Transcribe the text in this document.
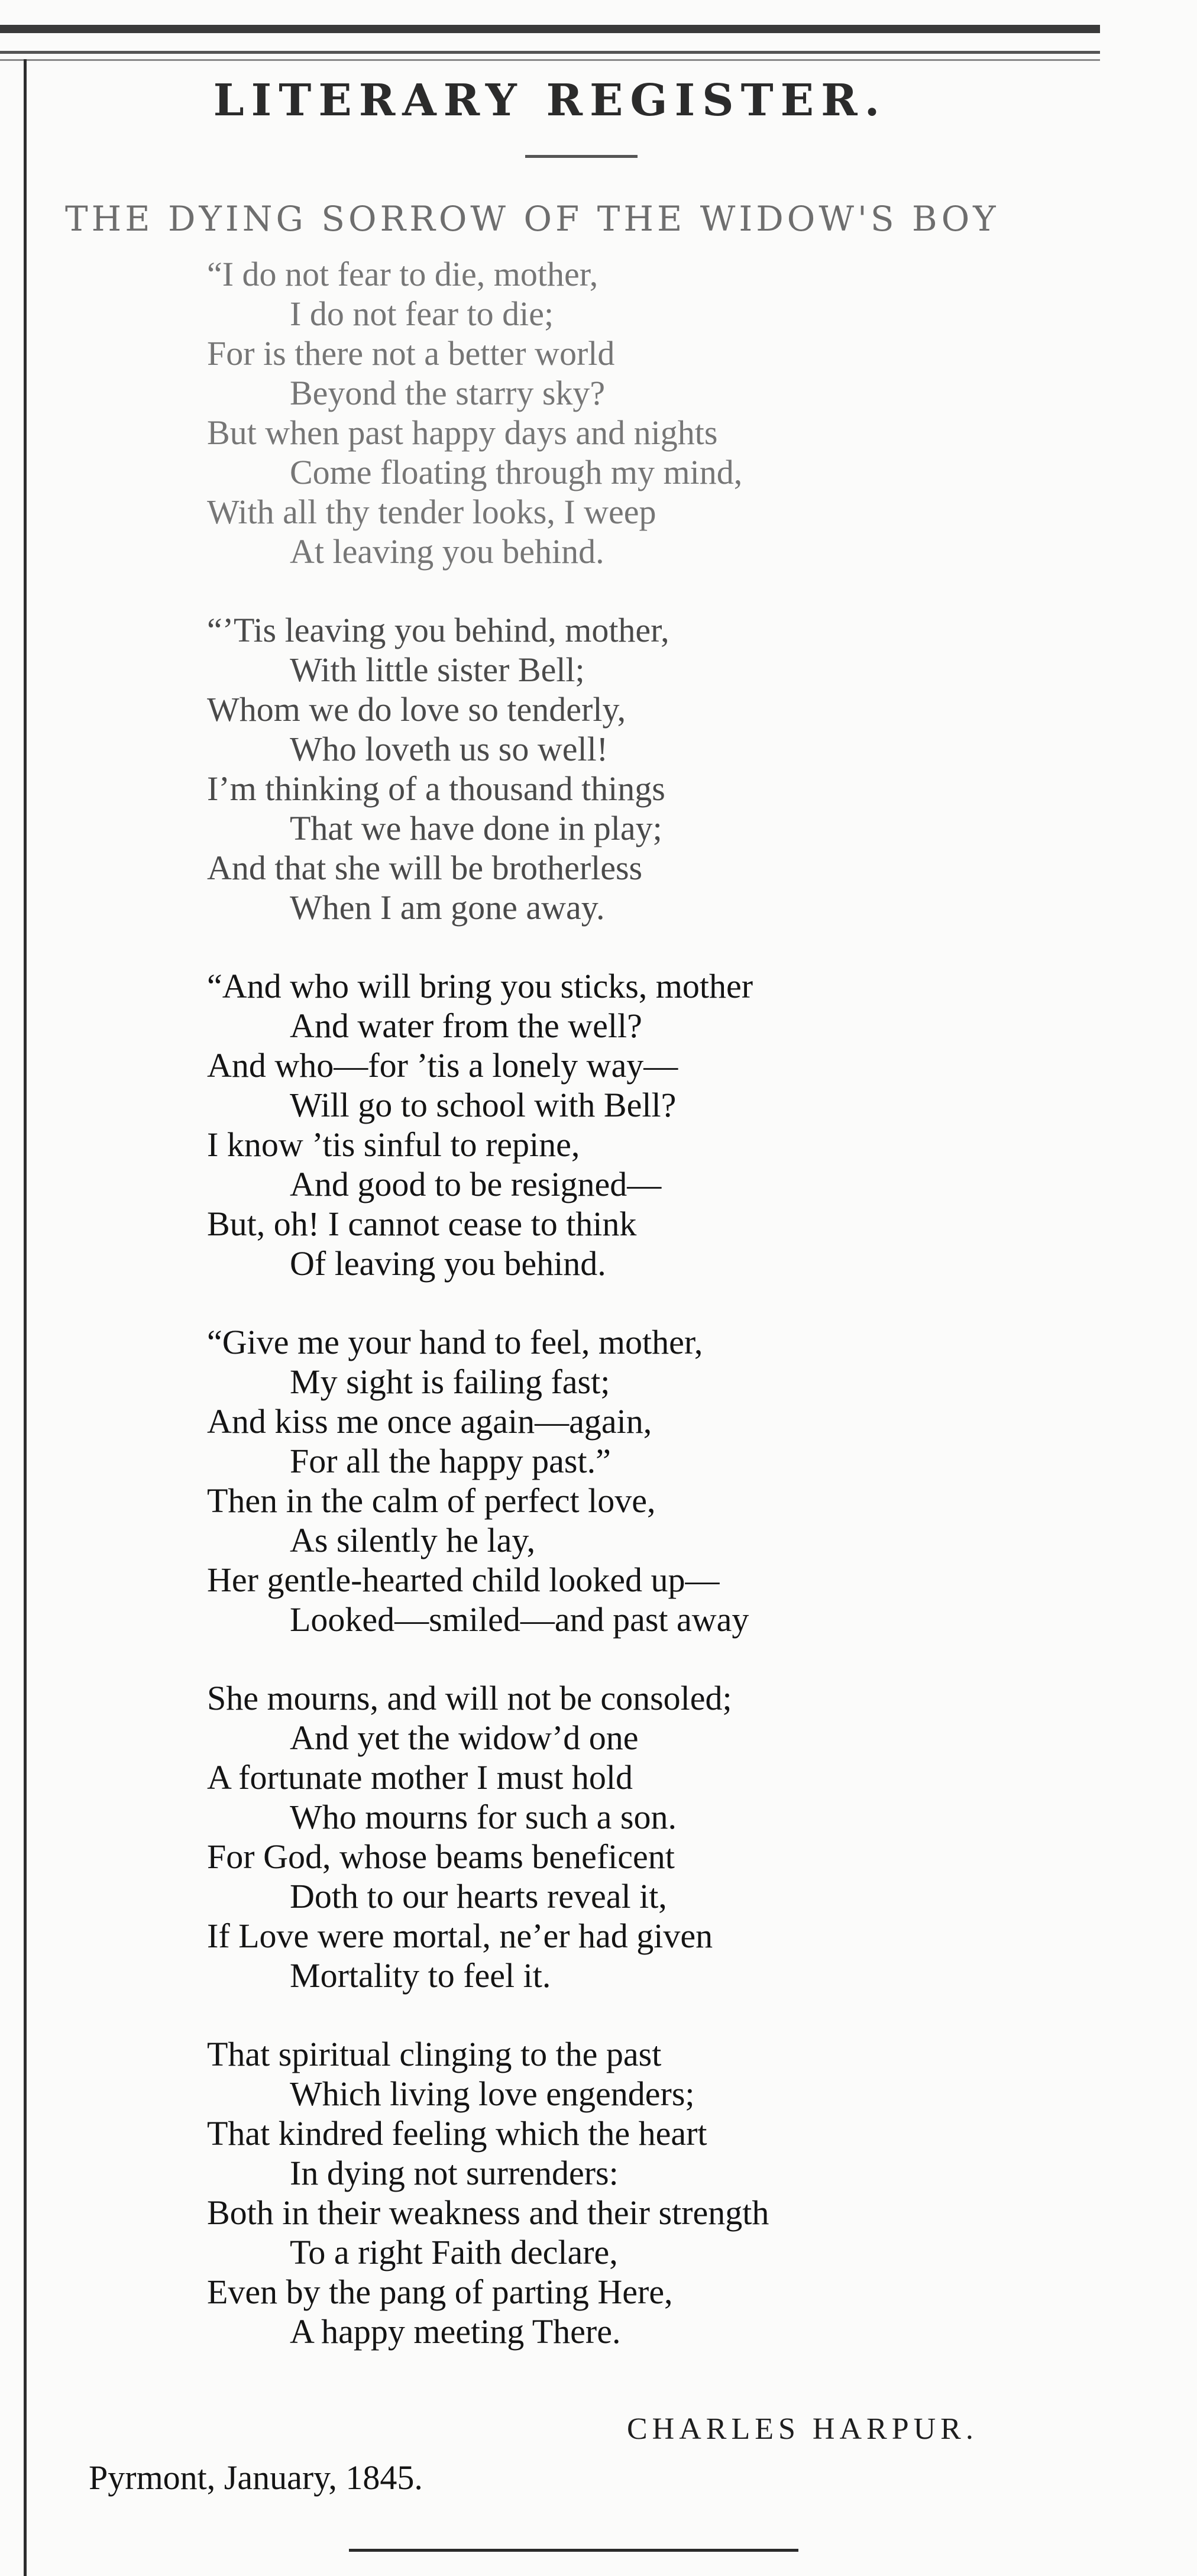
LITERARY REGISTER.
THE DYING SORROW OF THE WIDOW'S BOY
“I do not fear to die, mother,
I do not fear to die;
For is there not a better world
Beyond the starry sky?
But when past happy days and nights
Come floating through my mind,
With all thy tender looks, I weep
At leaving you behind.
“’Tis leaving you behind, mother,
With little sister Bell;
Whom we do love so tenderly,
Who loveth us so well!
I’m thinking of a thousand things
That we have done in play;
And that she will be brotherless
When I am gone away.
“And who will bring you sticks, mother
And water from the well?
And who—for ’tis a lonely way—
Will go to school with Bell?
I know ’tis sinful to repine,
And good to be resigned—
But, oh! I cannot cease to think
Of leaving you behind.
“Give me your hand to feel, mother,
My sight is failing fast;
And kiss me once again—again,
For all the happy past.”
Then in the calm of perfect love,
As silently he lay,
Her gentle-hearted child looked up—
Looked—smiled—and past away
She mourns, and will not be consoled;
And yet the widow’d one
A fortunate mother I must hold
Who mourns for such a son.
For God, whose beams beneficent
Doth to our hearts reveal it,
If Love were mortal, ne’er had given
Mortality to feel it.
That spiritual clinging to the past
Which living love engenders;
That kindred feeling which the heart
In dying not surrenders:
Both in their weakness and their strength
To a right Faith declare,
Even by the pang of parting Here,
A happy meeting There.
CHARLES HARPUR.
Pyrmont, January, 1845.
